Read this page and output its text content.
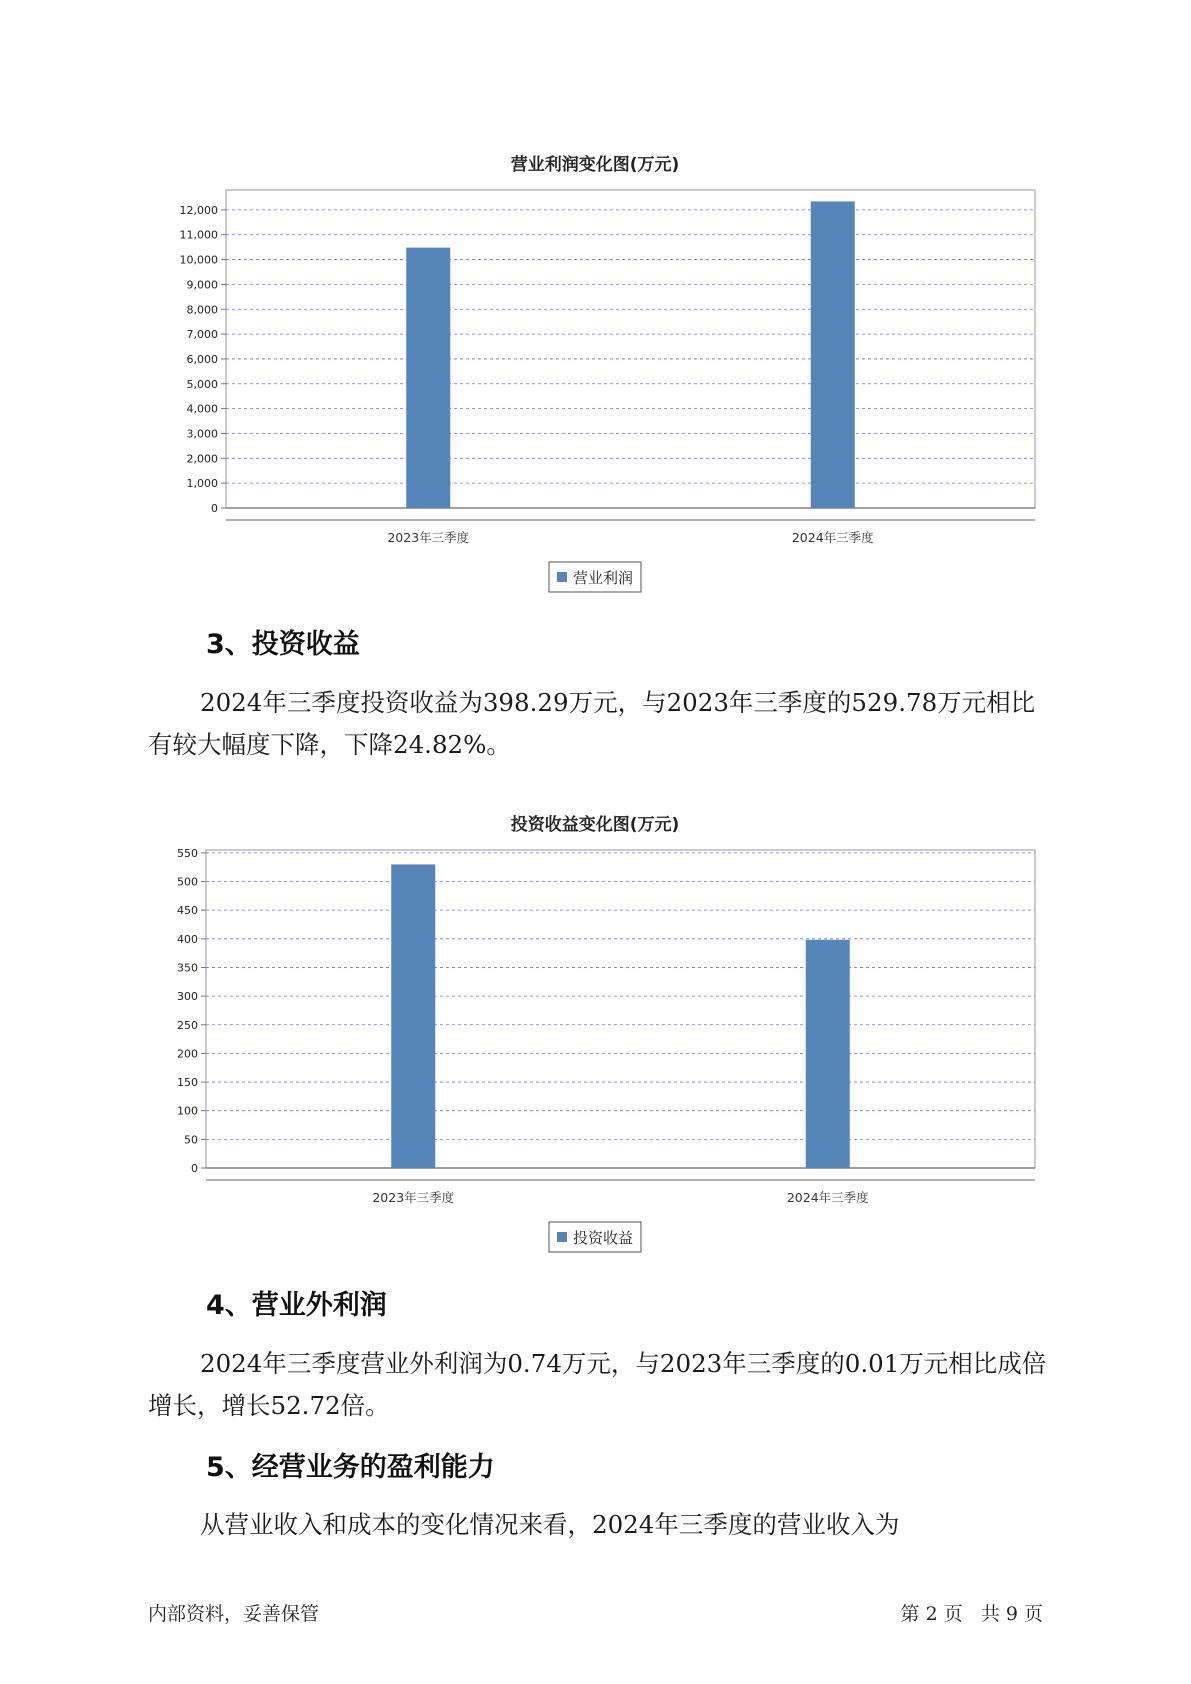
营业利润变化图(万元)
0
1,000
2,000
3,000
4,000
5,000
6,000
7,000
8,000
9,000
10,000
11,000
12,000
2023年三季度	2024年三季度
营业利润
3、投资收益

2024年三季度投资收益为398.29万元，与2023年三季度的529.78万元相比有较大幅度下降，下降24.82%。

投资收益变化图(万元)
0
50
100
150
200
250
300
350
400
450
500
550
2023年三季度	2024年三季度
投资收益
4、营业外利润

2024年三季度营业外利润为0.74万元，与2023年三季度的0.01万元相比成倍增长，增长52.72倍。

5、经营业务的盈利能力

从营业收入和成本的变化情况来看，2024年三季度的营业收入为

内部资料，妥善保管	第 2 页   共 9 页
